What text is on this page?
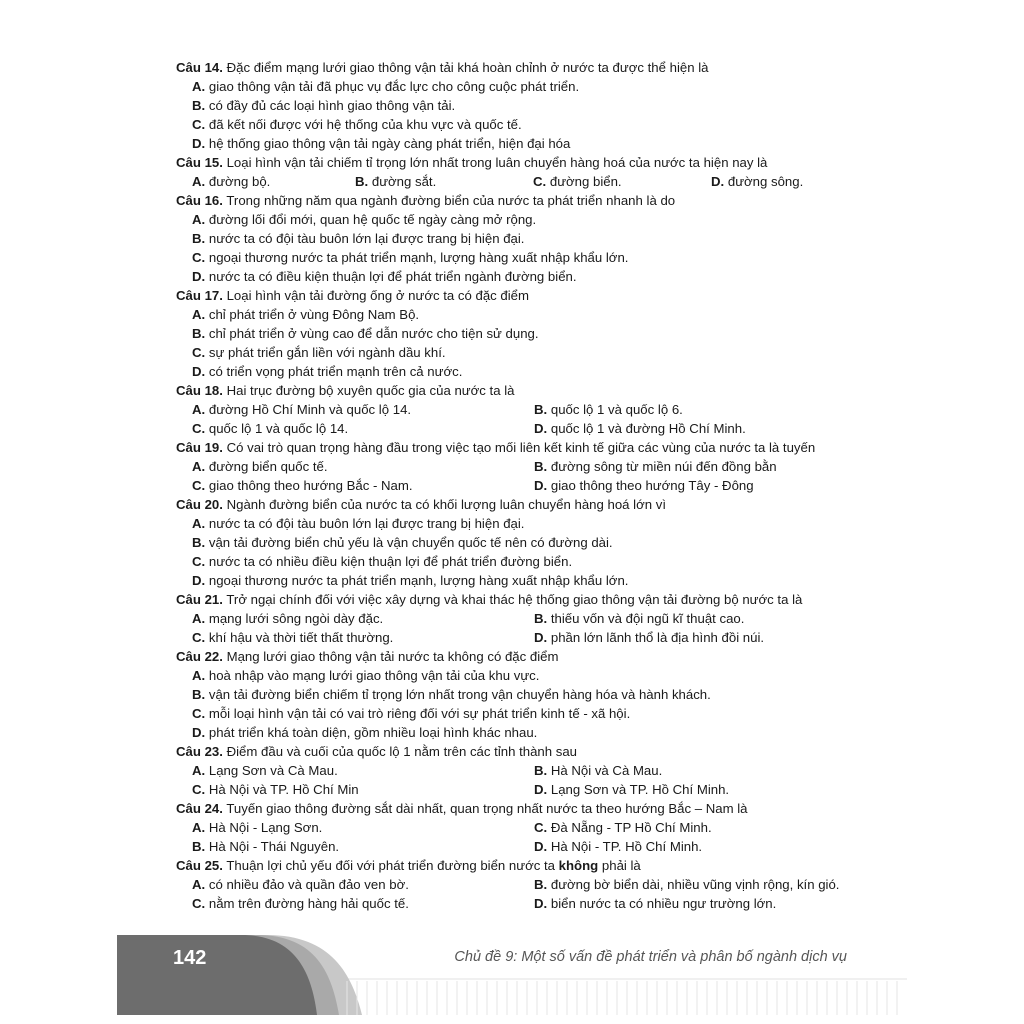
Câu 14. Đặc điểm mạng lưới giao thông vận tải khá hoàn chỉnh ở nước ta được thể hiện là
A. giao thông vận tải đã phục vụ đắc lực cho công cuộc phát triển.
B. có đầy đủ các loại hình giao thông vận tải.
C. đã kết nối được với hệ thống của khu vực và quốc tế.
D. hệ thống giao thông vận tải ngày càng phát triển, hiện đại hóa
Câu 15. Loại hình vận tải chiếm tỉ trọng lớn nhất trong luân chuyển hàng hoá của nước ta hiện nay là
A. đường bộ.	B. đường sắt.	C. đường biển.	D. đường sông.
Câu 16. Trong những năm qua ngành đường biển của nước ta phát triển nhanh là do
A. đường lối đổi mới, quan hệ quốc tế ngày càng mở rộng.
B. nước ta có đội tàu buôn lớn lại được trang bị hiện đại.
C. ngoại thương nước ta phát triển mạnh, lượng hàng xuất nhập khẩu lớn.
D. nước ta có điều kiện thuận lợi để phát triển ngành đường biển.
Câu 17. Loại hình vận tải đường ống ở nước ta có đặc điểm
A. chỉ phát triển ở vùng Đông Nam Bộ.
B. chỉ phát triển ở vùng cao để dẫn nước cho tiện sử dụng.
C. sự phát triển gắn liền với ngành dầu khí.
D. có triển vọng phát triển mạnh trên cả nước.
Câu 18. Hai trục đường bộ xuyên quốc gia của nước ta là
A. đường Hồ Chí Minh và quốc lộ 14.	B. quốc lộ 1 và quốc lộ 6.
C. quốc lộ 1 và quốc lộ 14.	D. quốc lộ 1 và đường Hồ Chí Minh.
Câu 19. Có vai trò quan trọng hàng đầu trong việc tạo mối liên kết kinh tế giữa các vùng của nước ta là tuyến
A. đường biển quốc tế.	B. đường sông từ miền núi đến đồng bằn
C. giao thông theo hướng Bắc - Nam.	D. giao thông theo hướng Tây - Đông
Câu 20. Ngành đường biển của nước ta có khối lượng luân chuyển hàng hoá lớn vì
A. nước ta có đội tàu buôn lớn lại được trang bị hiện đại.
B. vận tải đường biển chủ yếu là vận chuyển quốc tế nên có đường dài.
C. nước ta có nhiều điều kiện thuận lợi để phát triển đường biển.
D. ngoại thương nước ta phát triển mạnh, lượng hàng xuất nhập khẩu lớn.
Câu 21. Trở ngại chính đối với việc xây dựng và khai thác hệ thống giao thông vận tải đường bộ nước ta là
A. mạng lưới sông ngòi dày đặc.	B. thiếu vốn và đội ngũ kĩ thuật cao.
C. khí hậu và thời tiết thất thường.	D. phần lớn lãnh thổ là địa hình đồi núi.
Câu 22. Mạng lưới giao thông vận tải nước ta không có đặc điểm
A. hoà nhập vào mạng lưới giao thông vận tải của khu vực.
B. vận tải đường biển chiếm tỉ trọng lớn nhất trong vận chuyển hàng hóa và hành khách.
C. mỗi loại hình vận tải có vai trò riêng đối với sự phát triển kinh tế - xã hội.
D. phát triển khá toàn diện, gồm nhiều loại hình khác nhau.
Câu 23. Điểm đầu và cuối của quốc lộ 1 nằm trên các tỉnh thành sau
A. Lạng Sơn và Cà Mau.	B. Hà Nội và Cà Mau.
C. Hà Nội và TP. Hồ Chí Min	D. Lạng Sơn và TP. Hồ Chí Minh.
Câu 24. Tuyến giao thông đường sắt dài nhất, quan trọng nhất nước ta theo hướng Bắc – Nam là
A. Hà Nội - Lạng Sơn.	C. Đà Nẵng - TP Hồ Chí Minh.
B. Hà Nội - Thái Nguyên.	D. Hà Nội - TP. Hồ Chí Minh.
Câu 25. Thuận lợi chủ yếu đối với phát triển đường biển nước ta không phải là
A. có nhiều đảo và quần đảo ven bờ.	B. đường bờ biển dài, nhiều vũng vịnh rộng, kín gió.
C. nằm trên đường hàng hải quốc tế.	D. biển nước ta có nhiều ngư trường lớn.
142	Chủ đề 9: Một số vấn đề phát triển và phân bố ngành dịch vụ
